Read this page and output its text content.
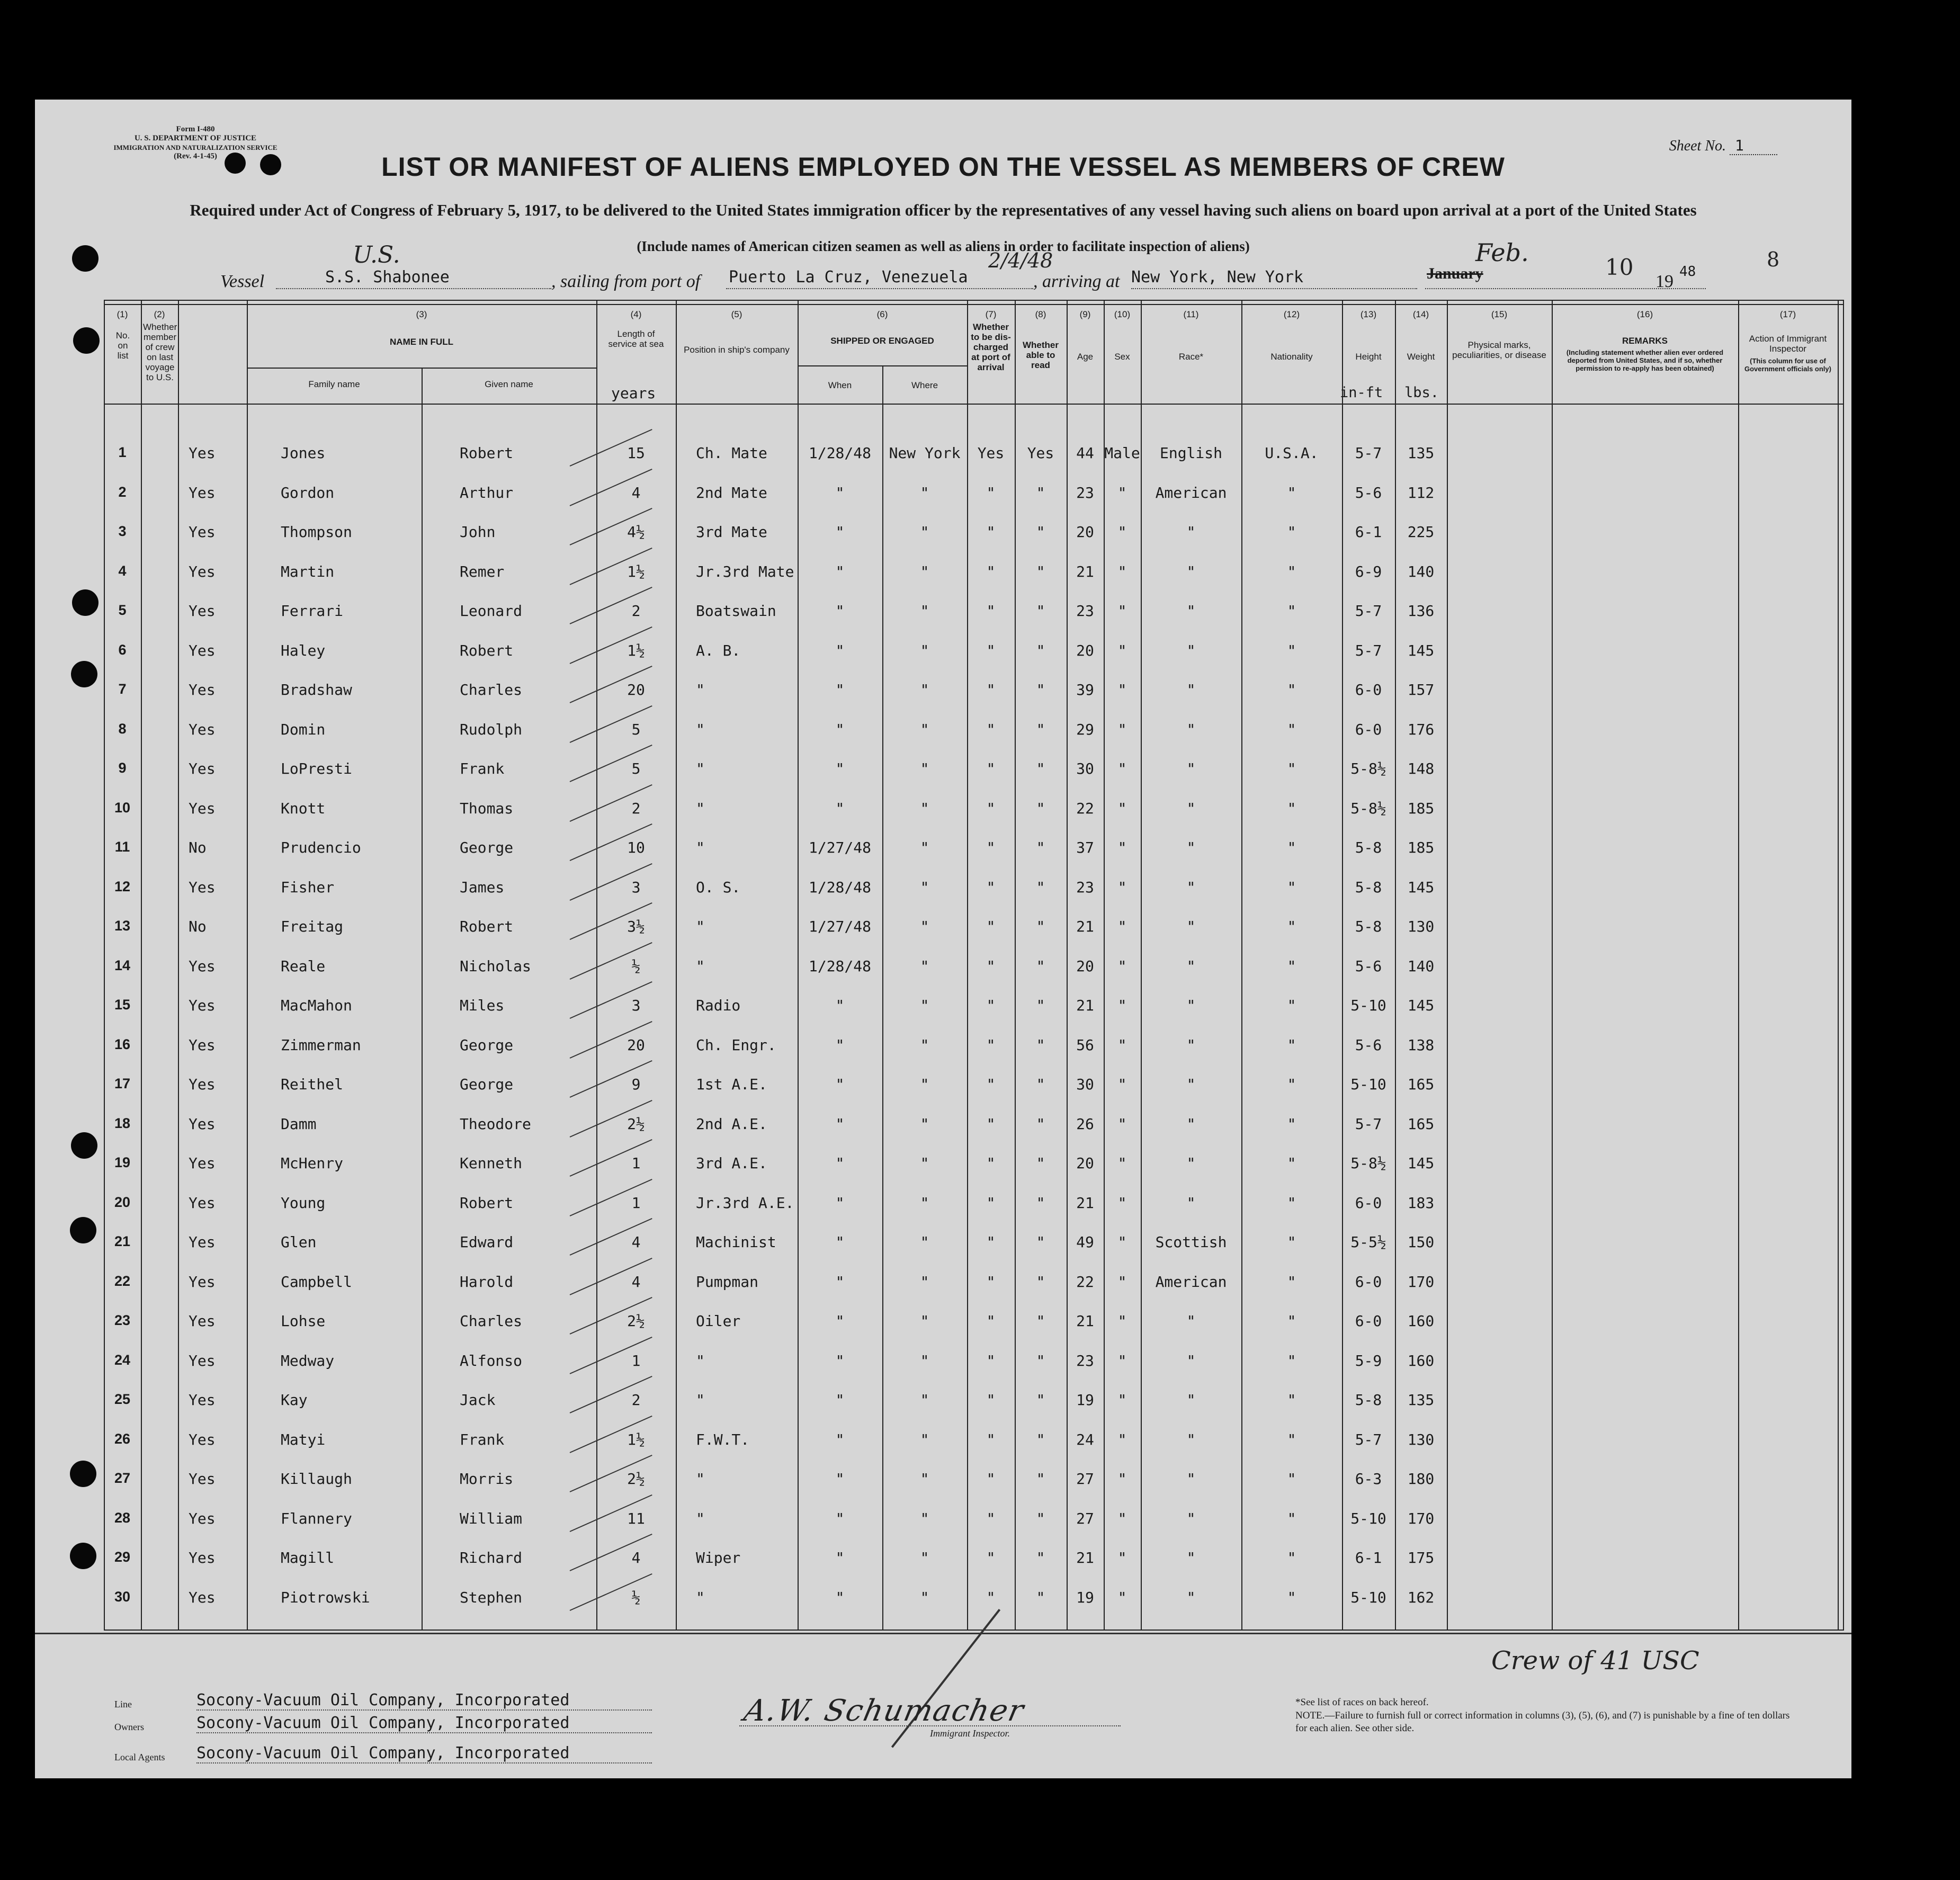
Form I-480
U. S. DEPARTMENT OF JUSTICE
IMMIGRATION AND NATURALIZATION SERVICE
(Rev. 4-1-45)
Sheet No. 1
LIST OR MANIFEST OF ALIENS EMPLOYED ON THE VESSEL AS MEMBERS OF CREW
Required under Act of Congress of February 5, 1917, to be delivered to the United States immigration officer by the representatives of any vessel having such aliens on board upon arrival at a port of the United States
(Include names of American citizen seamen as well as aliens in order to facilitate inspection of aliens)
8
Vessel
U.S.
S.S. Shabonee	, sailing from port of Puerto La Cruz, Venezuela
2/4/48
, arriving at New York, New York	January
Feb.
10
19 48
(1)	(2)	(3)	(4)	(5)	(6)	(7)	(8)	(9)	(10)	(11)	(12)	(13)	(14)	(15)	(16)	(17)
No. on list
Whether member of crew on last voyage to U.S.
NAME IN FULL
Family name	Given name
Length of service at sea
years
Position in ship's company
SHIPPED OR ENGAGED
When	Where
Whether to be dis-charged at port of arrival
Whether able to read
Age	Sex	Race*	Nationality	Height
in-ft
Weight
lbs.
Physical marks, peculiarities, or disease
REMARKS
(Including statement whether alien ever ordered deported from United States, and if so, whether permission to re-apply has been obtained)
Action of Immigrant Inspector
(This column for use of Government officials only)
1	Yes	Jones	Robert	15	Ch. Mate	1/28/48	New York	Yes	Yes	44 Male	English	U.S.A.	5-7	135
2	Yes	Gordon	Arthur	4	2nd Mate	"	"	"	"	23	"	American	"	5-6	112
3	Yes	Thompson	John	4½	3rd Mate	"	"	"	"	20	"	"	"	6-1	225
4	Yes	Martin	Remer	1½	Jr.3rd Mate	"	"	"	"	21	"	"	"	6-9	140
5	Yes	Ferrari	Leonard	2	Boatswain	"	"	"	"	23	"	"	"	5-7	136
6	Yes	Haley	Robert	1½	A. B.	"	"	"	"	20	"	"	"	5-7	145
7	Yes	Bradshaw	Charles	20	"	"	"	"	"	39	"	"	"	6-0	157
8	Yes	Domin	Rudolph	5	"	"	"	"	"	29	"	"	"	6-0	176
9	Yes	LoPresti	Frank	5	"	"	"	"	"	30	"	"	"	5-8½	148
10	Yes	Knott	Thomas	2	"	"	"	"	"	22	"	"	"	5-8½	185
11	No	Prudencio	George	10	"	1/27/48	"	"	"	37	"	"	"	5-8	185
12	Yes	Fisher	James	3	O. S.	1/28/48	"	"	"	23	"	"	"	5-8	145
13	No	Freitag	Robert	3½	"	1/27/48	"	"	"	21	"	"	"	5-8	130
14	Yes	Reale	Nicholas	½	"	1/28/48	"	"	"	20	"	"	"	5-6	140
15	Yes	MacMahon	Miles	3	Radio	"	"	"	"	21	"	"	"	5-10	145
16	Yes	Zimmerman	George	20	Ch. Engr.	"	"	"	"	56	"	"	"	5-6	138
17	Yes	Reithel	George	9	1st A.E.	"	"	"	"	30	"	"	"	5-10	165
18	Yes	Damm	Theodore	2½	2nd A.E.	"	"	"	"	26	"	"	"	5-7	165
19	Yes	McHenry	Kenneth	1	3rd A.E.	"	"	"	"	20	"	"	"	5-8½	145
20	Yes	Young	Robert	1	Jr.3rd A.E.	"	"	"	"	21	"	"	"	6-0	183
21	Yes	Glen	Edward	4	Machinist	"	"	"	"	49	"	Scottish	"	5-5½	150
22	Yes	Campbell	Harold	4	Pumpman	"	"	"	"	22	"	American	"	6-0	170
23	Yes	Lohse	Charles	2½	Oiler	"	"	"	"	21	"	"	"	6-0	160
24	Yes	Medway	Alfonso	1	"	"	"	"	"	23	"	"	"	5-9	160
25	Yes	Kay	Jack	2	"	"	"	"	"	19	"	"	"	5-8	135
26	Yes	Matyi	Frank	1½	F.W.T.	"	"	"	"	24	"	"	"	5-7	130
27	Yes	Killaugh	Morris	2½	"	"	"	"	"	27	"	"	"	6-3	180
28	Yes	Flannery	William	11	"	"	"	"	"	27	"	"	"	5-10	170
29	Yes	Magill	Richard	4	Wiper	"	"	"	"	21	"	"	"	6-1	175
30	Yes	Piotrowski	Stephen	½	"	"	"	"	"	19	"	"	"	5-10	162
Line	Socony-Vacuum Oil Company, Incorporated
Owners	Socony-Vacuum Oil Company, Incorporated
Local Agents Socony-Vacuum Oil Company, Incorporated
A.W. Schumacher
Immigrant Inspector.
Crew of 41 USC
*See list of races on back hereof.
NOTE.—Failure to furnish full or correct information in columns (3), (5), (6), and (7) is punishable by a fine of ten dollars for each alien. See other side.
